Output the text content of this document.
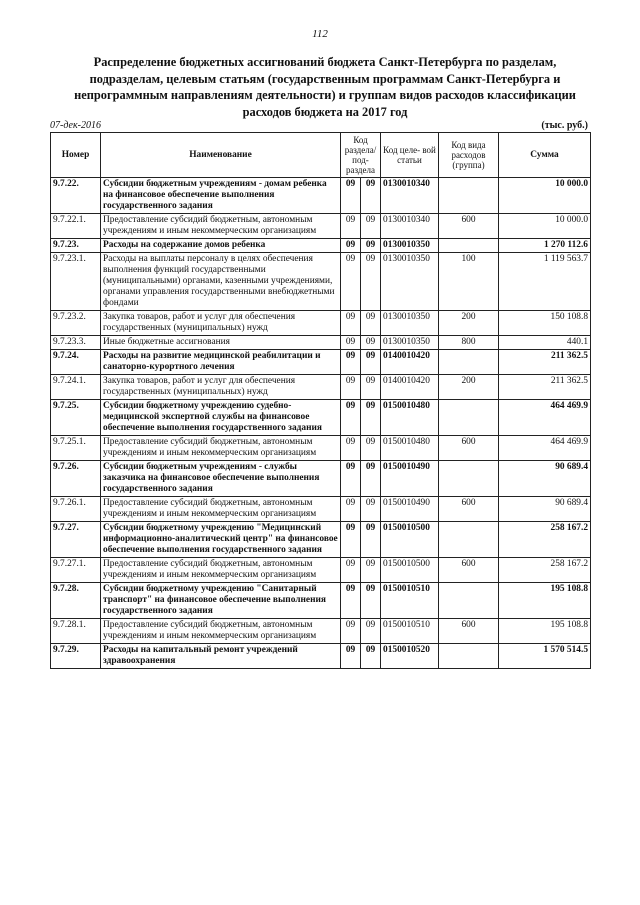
112
Распределение бюджетных ассигнований бюджета Санкт-Петербурга по разделам, подразделам, целевым статьям (государственным программам Санкт-Петербурга и непрограммным направлениям деятельности) и группам видов расходов классификации расходов бюджета на 2017 год
07-дек-2016	(тыс. руб.)
Номер	Наименование	Код раздела/ под- раздела		Код целе- вой статьи	Код вида расходов (группа)	Сумма
9.7.22.	Субсидии бюджетным учреждениям - домам ребенка на финансовое обеспечение выполнения государственного задания	09	09	0130010340		10 000.0
9.7.22.1.	Предоставление субсидий бюджетным, автономным учреждениям и иным некоммерческим организациям	09	09	0130010340	600	10 000.0
9.7.23.	Расходы на содержание домов ребенка	09	09	0130010350		1 270 112.6
9.7.23.1.	Расходы на выплаты персоналу в целях обеспечения выполнения функций государственными (муниципальными) органами, казенными учреждениями, органами управления государственными внебюджетными фондами	09	09	0130010350	100	1 119 563.7
9.7.23.2.	Закупка товаров, работ и услуг для обеспечения государственных (муниципальных) нужд	09	09	0130010350	200	150 108.8
9.7.23.3.	Иные бюджетные ассигнования	09	09	0130010350	800	440.1
9.7.24.	Расходы на развитие медицинской реабилитации и санаторно-курортного лечения	09	09	0140010420		211 362.5
9.7.24.1.	Закупка товаров, работ и услуг для обеспечения государственных (муниципальных) нужд	09	09	0140010420	200	211 362.5
9.7.25.	Субсидии бюджетному учреждению судебно-медицинской экспертной службы на финансовое обеспечение выполнения государственного задания	09	09	0150010480		464 469.9
9.7.25.1.	Предоставление субсидий бюджетным, автономным учреждениям и иным некоммерческим организациям	09	09	0150010480	600	464 469.9
9.7.26.	Субсидии бюджетным учреждениям - службы заказчика на финансовое обеспечение выполнения государственного задания	09	09	0150010490		90 689.4
9.7.26.1.	Предоставление субсидий бюджетным, автономным учреждениям и иным некоммерческим организациям	09	09	0150010490	600	90 689.4
9.7.27.	Субсидии бюджетному учреждению "Медицинский информационно-аналитический центр" на финансовое обеспечение выполнения государственного задания	09	09	0150010500		258 167.2
9.7.27.1.	Предоставление субсидий бюджетным, автономным учреждениям и иным некоммерческим организациям	09	09	0150010500	600	258 167.2
9.7.28.	Субсидии бюджетному учреждению "Санитарный транспорт" на финансовое обеспечение выполнения государственного задания	09	09	0150010510		195 108.8
9.7.28.1.	Предоставление субсидий бюджетным, автономным учреждениям и иным некоммерческим организациям	09	09	0150010510	600	195 108.8
9.7.29.	Расходы на капитальный ремонт учреждений здравоохранения	09	09	0150010520		1 570 514.5
